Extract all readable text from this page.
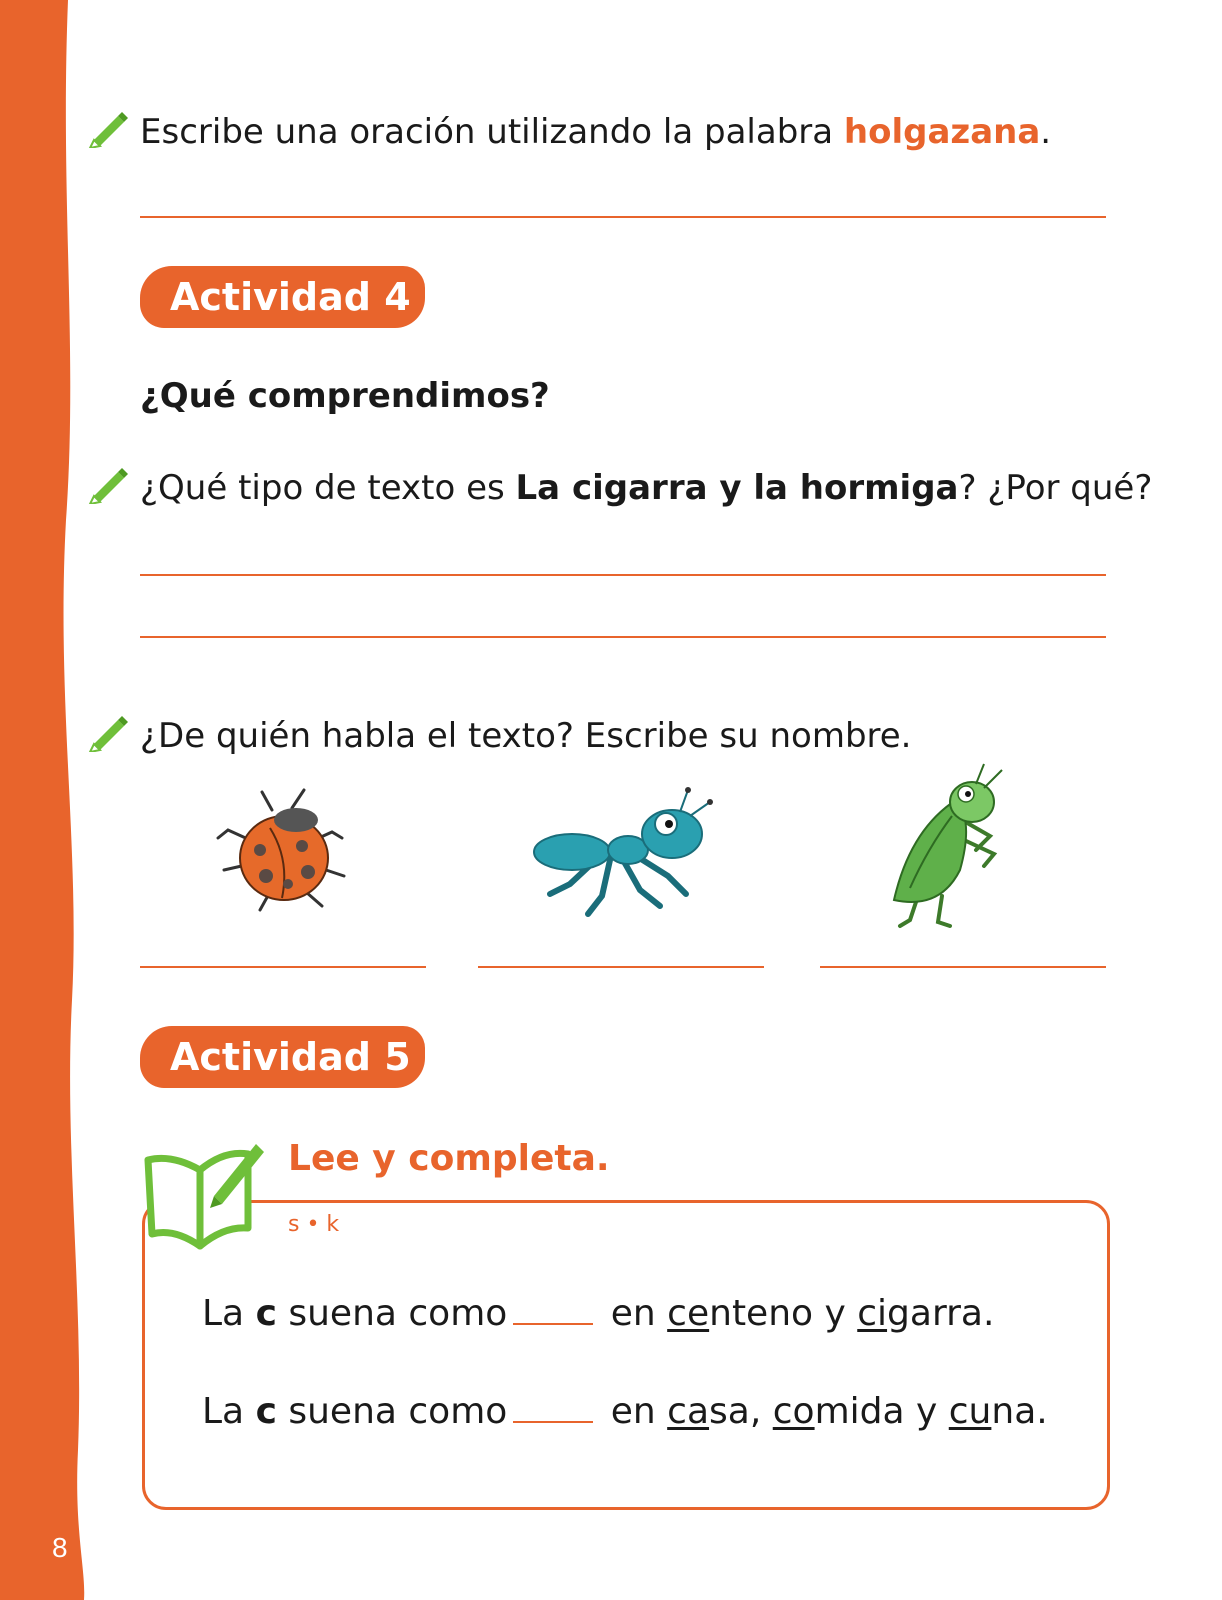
8
Escribe una oración utilizando la palabra holgazana.
Actividad 4
¿Qué comprendimos?
¿Qué tipo de texto es La cigarra y la hormiga? ¿Por qué?
¿De quién habla el texto? Escribe su nombre.
Actividad 5
Lee y completa.
s • k
La c suena como	en centeno y cigarra.
La c suena como	en casa, comida y cuna.
